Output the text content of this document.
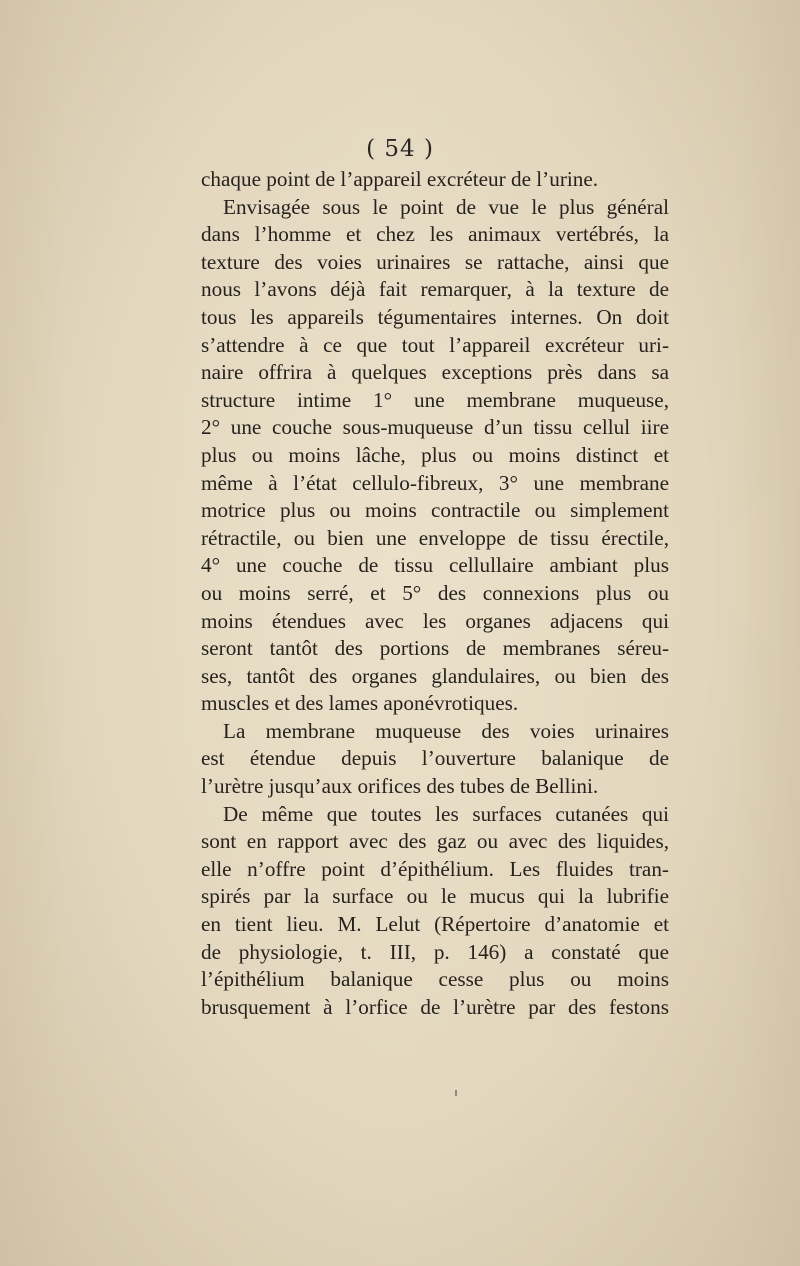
( 54 )
chaque point de l’appareil excréteur de l’urine.
Envisagée sous le point de vue le plus général
dans l’homme et chez les animaux vertébrés, la
texture des voies urinaires se rattache, ainsi que
nous l’avons déjà fait remarquer, à la texture de
tous les appareils tégumentaires internes. On doit
s’attendre à ce que tout l’appareil excréteur uri-
naire offrira à quelques exceptions près dans sa
structure intime 1° une membrane muqueuse,
2° une couche sous-muqueuse d’un tissu cellul iire
plus ou moins lâche, plus ou moins distinct et
même à l’état cellulo-fibreux, 3° une membrane
motrice plus ou moins contractile ou simplement
rétractile, ou bien une enveloppe de tissu érectile,
4° une couche de tissu cellullaire ambiant plus
ou moins serré, et 5° des connexions plus ou
moins étendues avec les organes adjacens qui
seront tantôt des portions de membranes séreu-
ses, tantôt des organes glandulaires, ou bien des
muscles et des lames aponévrotiques.
La membrane muqueuse des voies urinaires
est étendue depuis l’ouverture balanique de
l’urètre jusqu’aux orifices des tubes de Bellini.
De même que toutes les surfaces cutanées qui
sont en rapport avec des gaz ou avec des liquides,
elle n’offre point d’épithélium. Les fluides tran-
spirés par la surface ou le mucus qui la lubrifie
en tient lieu. M. Lelut (Répertoire d’anatomie et
de physiologie, t. III, p. 146) a constaté que
l’épithélium balanique cesse plus ou moins
brusquement à l’orfice de l’urètre par des festons
